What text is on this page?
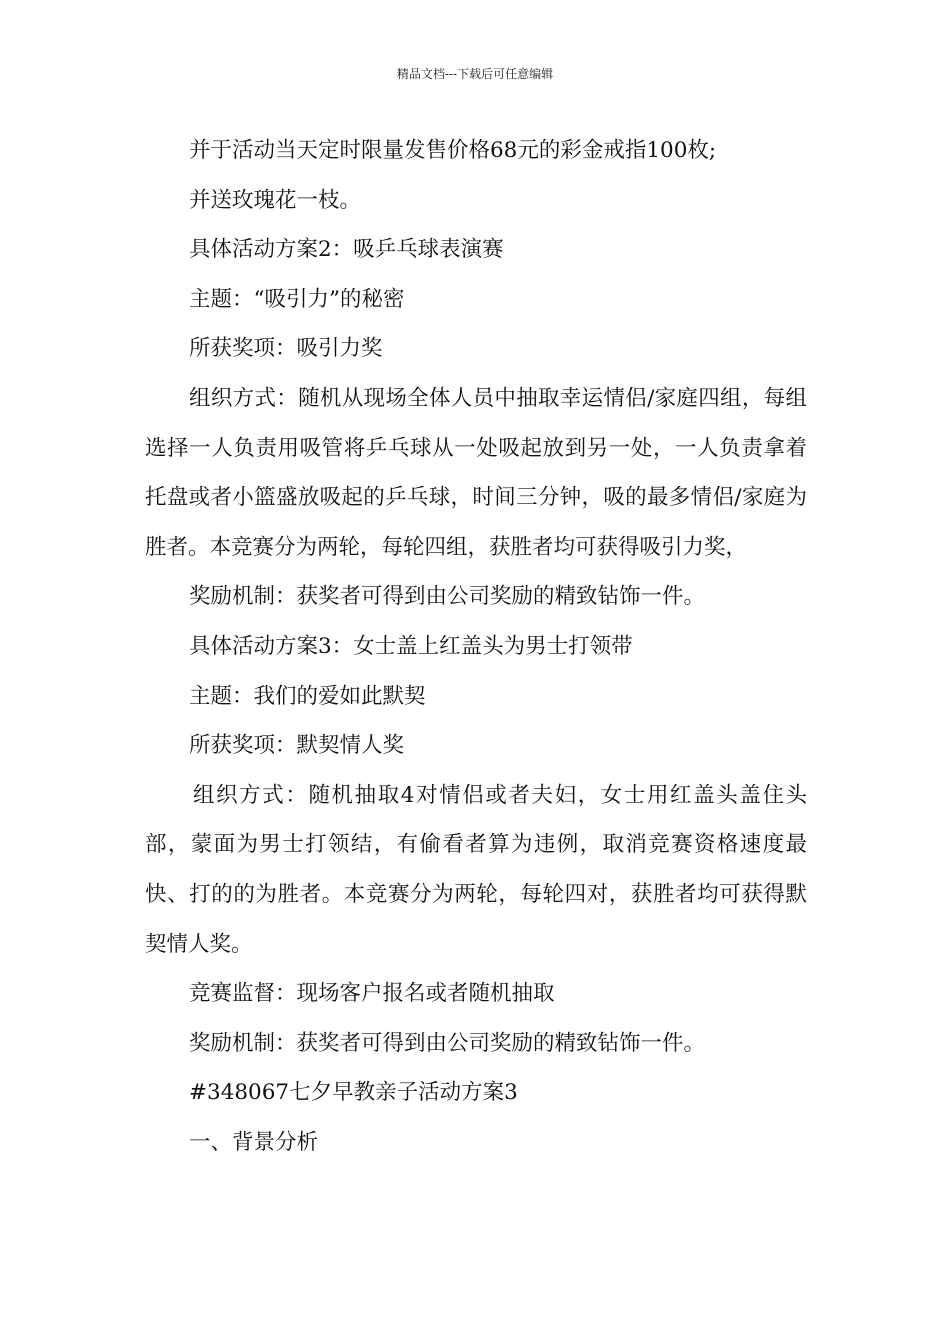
精品文档---下载后可任意编辑

并于活动当天定时限量发售价格68元的彩金戒指100枚;

并送玫瑰花一枝。

具体活动方案2：吸乒乓球表演赛

主题：“吸引力”的秘密

所获奖项：吸引力奖

组织方式：随机从现场全体人员中抽取幸运情侣/家庭四组，每组选择一人负责用吸管将乒乓球从一处吸起放到另一处，一人负责拿着托盘或者小篮盛放吸起的乒乓球，时间三分钟，吸的最多情侣/家庭为胜者。本竞赛分为两轮，每轮四组，获胜者均可获得吸引力奖，

奖励机制：获奖者可得到由公司奖励的精致钻饰一件。

具体活动方案3：女士盖上红盖头为男士打领带

主题：我们的爱如此默契

所获奖项：默契情人奖

组织方式：随机抽取4对情侣或者夫妇，女士用红盖头盖住头部，蒙面为男士打领结，有偷看者算为违例，取消竞赛资格速度最快、打的的为胜者。本竞赛分为两轮，每轮四对，获胜者均可获得默契情人奖。

竞赛监督：现场客户报名或者随机抽取

奖励机制：获奖者可得到由公司奖励的精致钻饰一件。

#348067七夕早教亲子活动方案3

一、背景分析
